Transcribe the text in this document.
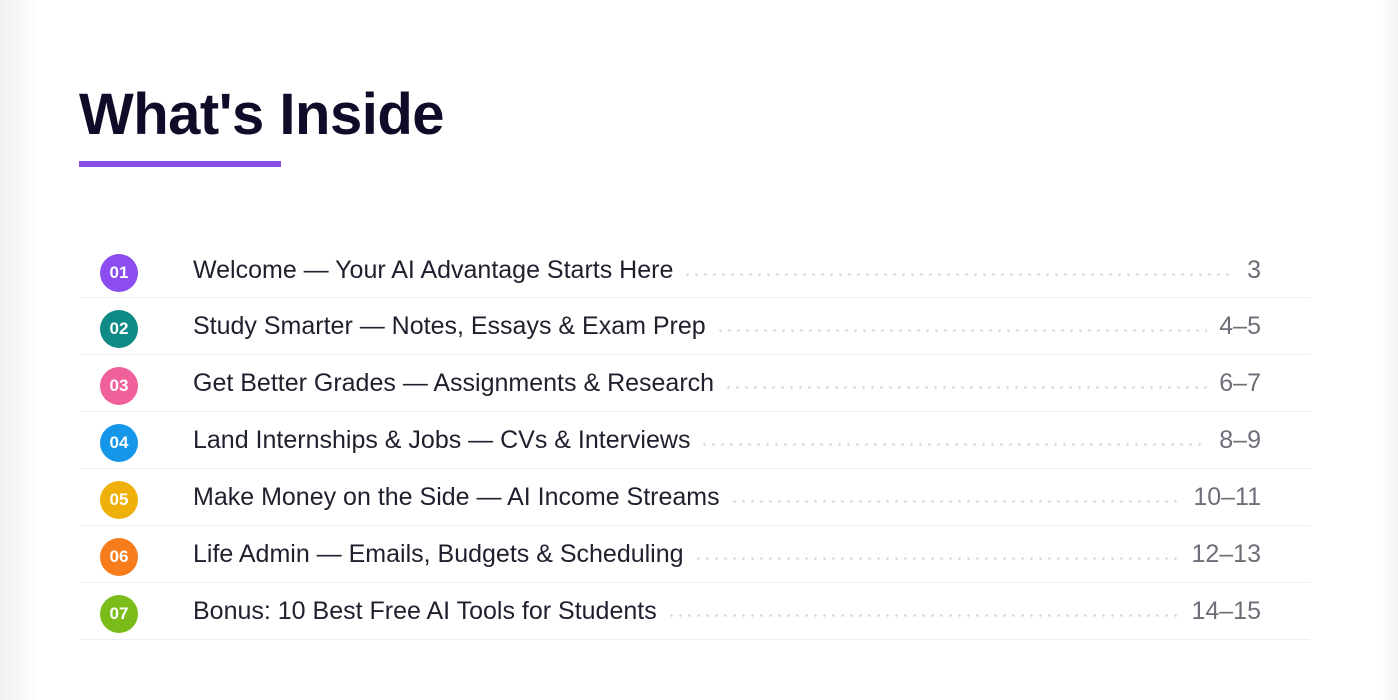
What's Inside
01	Welcome — Your AI Advantage Starts Here	3
02	Study Smarter — Notes, Essays & Exam Prep	4–5
03	Get Better Grades — Assignments & Research	6–7
04	Land Internships & Jobs — CVs & Interviews	8–9
05	Make Money on the Side — AI Income Streams	10–11
06	Life Admin — Emails, Budgets & Scheduling	12–13
07	Bonus: 10 Best Free AI Tools for Students	14–15
